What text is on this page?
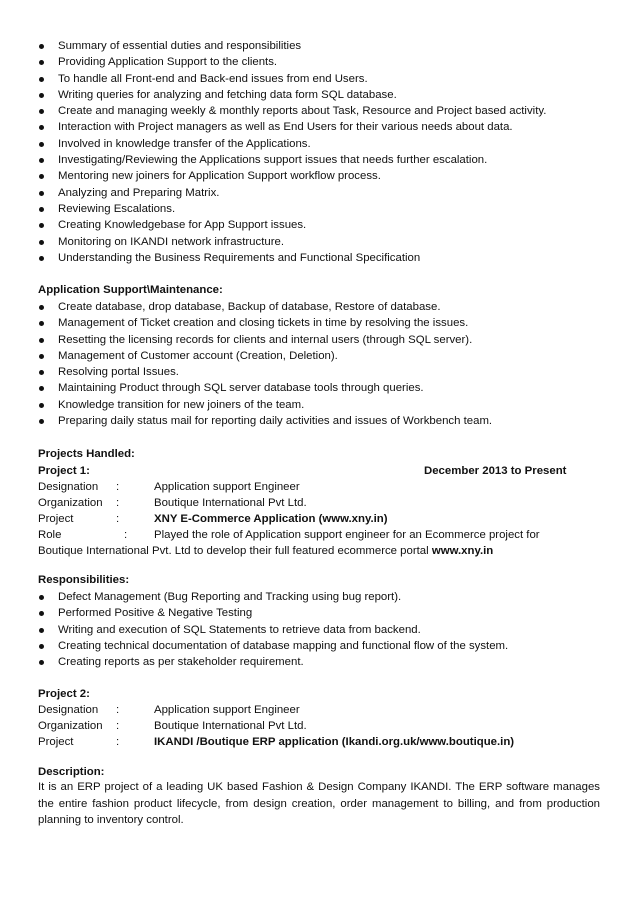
Summary of essential duties and responsibilities
Providing Application Support to the clients.
To handle all Front-end and Back-end issues from end Users.
Writing queries for analyzing and fetching data form SQL database.
Create and managing weekly & monthly reports about Task, Resource and Project based activity.
Interaction with Project managers as well as End Users for their various needs about data.
Involved in knowledge transfer of the Applications.
Investigating/Reviewing the Applications support issues that needs further escalation.
Mentoring new joiners for Application Support workflow process.
Analyzing and Preparing Matrix.
Reviewing Escalations.
Creating Knowledgebase for App Support issues.
Monitoring on IKANDI network infrastructure.
Understanding the Business Requirements and Functional Specification
Application Support\Maintenance:
Create database, drop database, Backup of database, Restore of database.
Management of Ticket creation and closing tickets in time by resolving the issues.
Resetting the licensing records for clients and internal users (through SQL server).
Management of Customer account (Creation, Deletion).
Resolving portal Issues.
Maintaining Product through SQL server database tools through queries.
Knowledge transition for new joiners of the team.
Preparing daily status mail for reporting daily activities and issues of Workbench team.
Projects Handled:
Project 1:	December 2013 to Present
Designation :	Application support Engineer
Organization :	Boutique International Pvt Ltd.
Project	:	XNY E-Commerce Application (www.xny.in)
Role	: Played the role of Application support engineer for an Ecommerce project for
Boutique International Pvt. Ltd to develop their full featured ecommerce portal www.xny.in
Responsibilities:
Defect Management (Bug Reporting and Tracking using bug report).
Performed Positive & Negative Testing
Writing and execution of SQL Statements to retrieve data from backend.
Creating technical documentation of database mapping and functional flow of the system.
Creating reports as per stakeholder requirement.
Project 2:
Designation :	Application support Engineer
Organization :	Boutique International Pvt Ltd.
Project	:	IKANDI /Boutique ERP application (Ikandi.org.uk/www.boutique.in)
Description:
It is an ERP project of a leading UK based Fashion & Design Company IKANDI. The ERP software manages the entire fashion product lifecycle, from design creation, order management to billing, and from production planning to inventory control.
